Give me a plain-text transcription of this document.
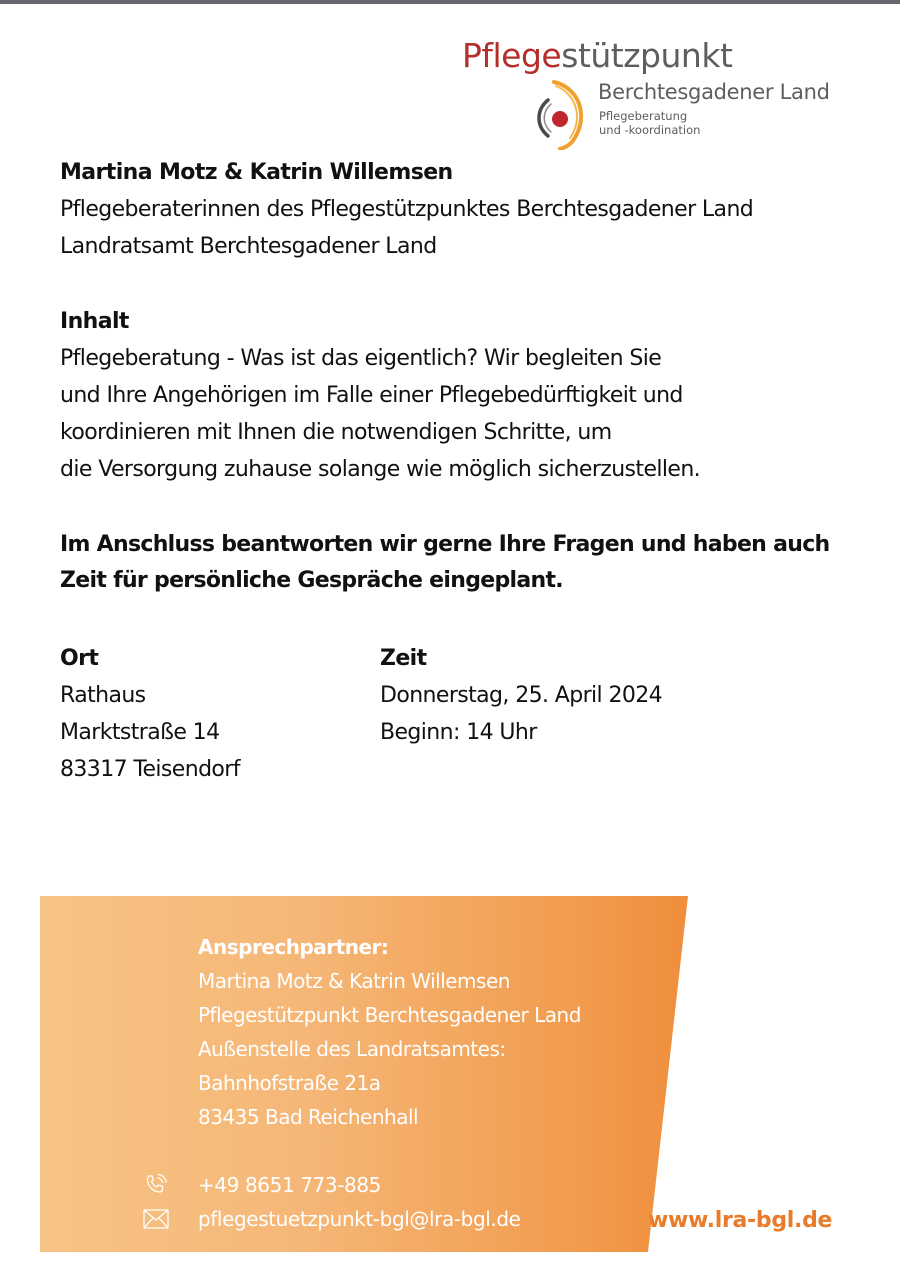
Pflegestützpunkt
Berchtesgadener Land
Pflegeberatung
und -koordination
Martina Motz & Katrin Willemsen
Pflegeberaterinnen des Pflegestützpunktes Berchtesgadener Land
Landratsamt Berchtesgadener Land
Inhalt
Pflegeberatung - Was ist das eigentlich? Wir begleiten Sie
und Ihre Angehörigen im Falle einer Pflegebedürftigkeit und
koordinieren mit Ihnen die notwendigen Schritte, um
die Versorgung zuhause solange wie möglich sicherzustellen.
Im Anschluss beantworten wir gerne Ihre Fragen und haben auch
Zeit für persönliche Gespräche eingeplant.
Ort
Rathaus
Marktstraße 14
83317 Teisendorf
Zeit
Donnerstag, 25. April 2024
Beginn: 14 Uhr
Ansprechpartner:
Martina Motz & Katrin Willemsen
Pflegestützpunkt Berchtesgadener Land
Außenstelle des Landratsamtes:
Bahnhofstraße 21a
83435 Bad Reichenhall
+49 8651 773-885
pflegestuetzpunkt-bgl@lra-bgl.de	www.lra-bgl.de
